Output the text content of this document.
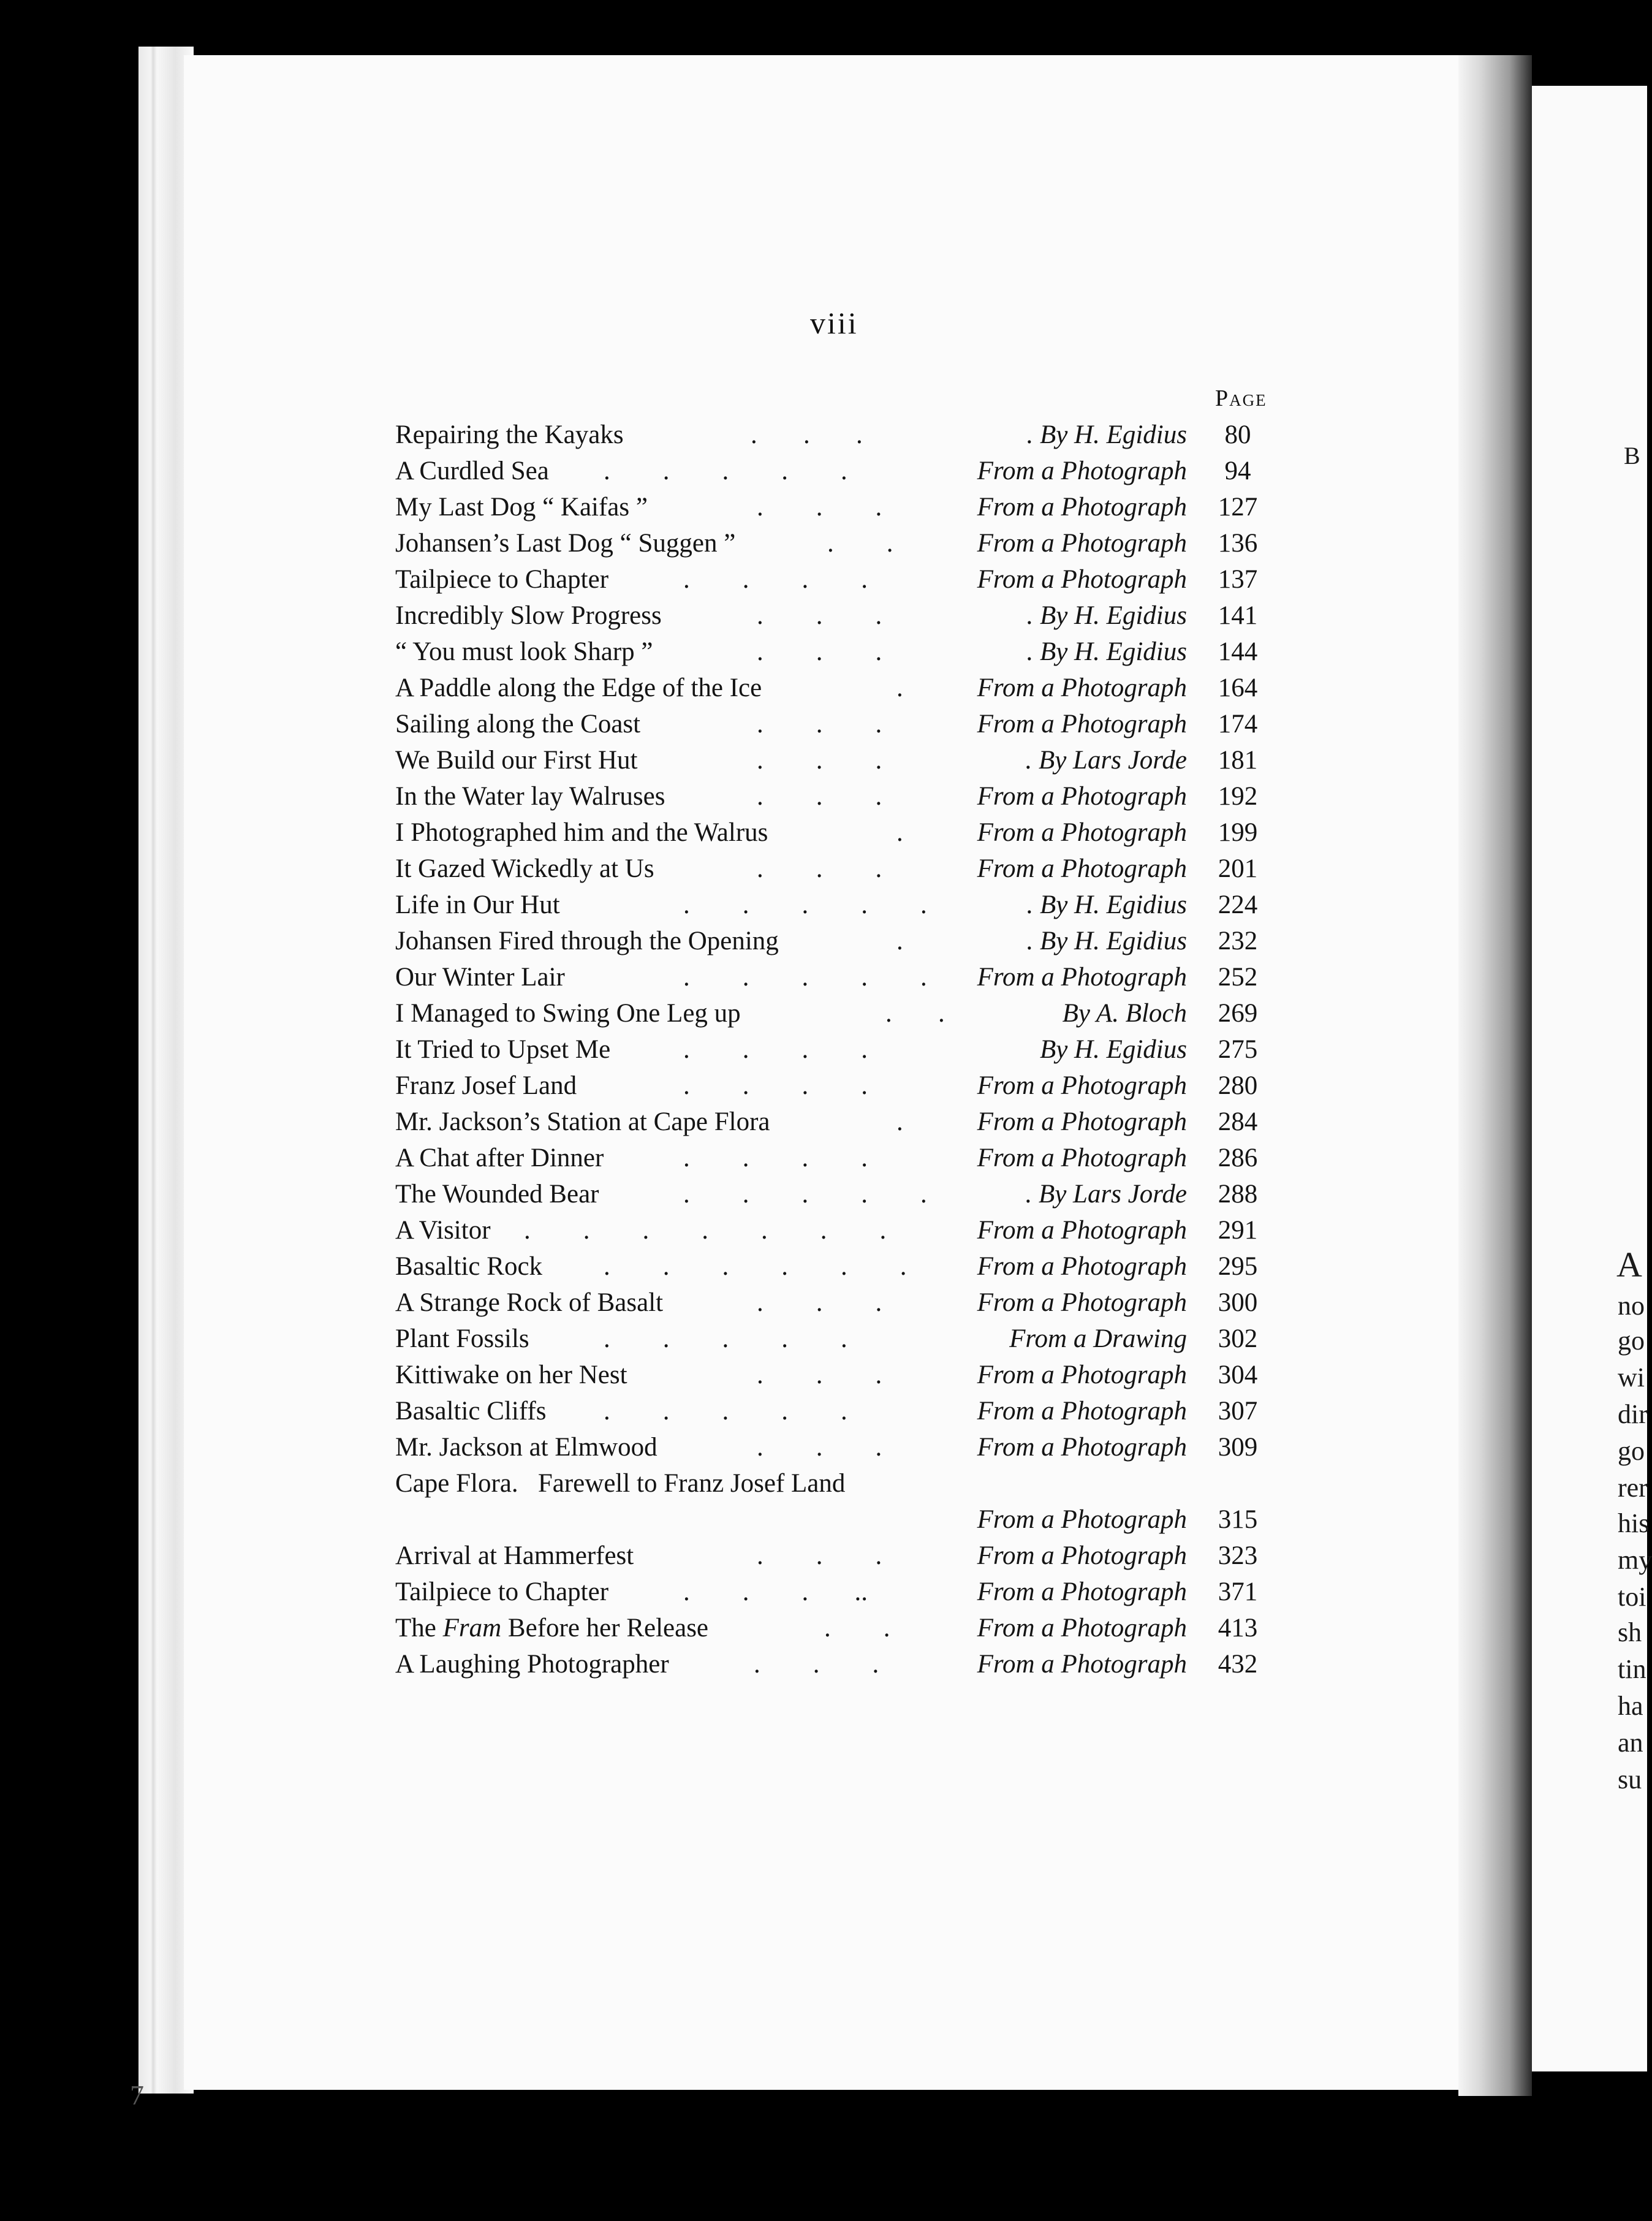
B
A
no
go
wi
dir
go
rer
his
my
toi
sh
tin
ha
an
su
viii
Page
Repairing the Kayaks	.       .       .	. By H. Egidius	80
A Curdled Sea .        .        .        .        .	From a Photograph	94
My Last Dog “ Kaifas ”	.        .        .	From a Photograph	127
Johansen’s Last Dog “ Suggen ”	.        .	From a Photograph	136
Tailpiece to Chapter	.        .        .        .	From a Photograph	137
Incredibly Slow Progress	.        .        .	. By H. Egidius	141
“ You must look Sharp ”	.        .        .	. By H. Egidius	144
A Paddle along the Edge of the Ice	.	From a Photograph	164
Sailing along the Coast	.        .        .	From a Photograph	174
We Build our First Hut	.        .        .	. By Lars Jorde	181
In the Water lay Walruses	.        .        .	From a Photograph	192
I Photographed him and the Walrus	.	From a Photograph	199
It Gazed Wickedly at Us	.        .        .	From a Photograph	201
Life in Our Hut	.        .        .        .        .	. By H. Egidius	224
Johansen Fired through the Opening	.	. By H. Egidius	232
Our Winter Lair	.        .        .        .        . From a Photograph	252
I Managed to Swing One Leg up	.       .	By A. Bloch	269
It Tried to Upset Me	.        .        .        .	By H. Egidius	275
Franz Josef Land	.        .        .        .	From a Photograph	280
Mr. Jackson’s Station at Cape Flora	.	From a Photograph	284
A Chat after Dinner	.        .        .        .	From a Photograph	286
The Wounded Bear	.        .        .        .        .	. By Lars Jorde	288
A Visitor .        .        .        .        .        .        .	From a Photograph	291
Basaltic Rock .        .        .        .        .        .	From a Photograph	295
A Strange Rock of Basalt	.        .        .	From a Photograph	300
Plant Fossils	.        .        .        .        .	From a Drawing	302
Kittiwake on her Nest	.        .        .	From a Photograph	304
Basaltic Cliffs .        .        .        .        .	From a Photograph	307
Mr. Jackson at Elmwood	.        .        .	From a Photograph	309
Cape Flora.   Farewell to Franz Josef Land
From a Photograph	315
Arrival at Hammerfest	.        .        .	From a Photograph	323
Tailpiece to Chapter	.        .        .       ..	From a Photograph	371
The Fram Before her Release	.        .	From a Photograph	413
A Laughing Photographer	.        .        .	From a Photograph	432
7
